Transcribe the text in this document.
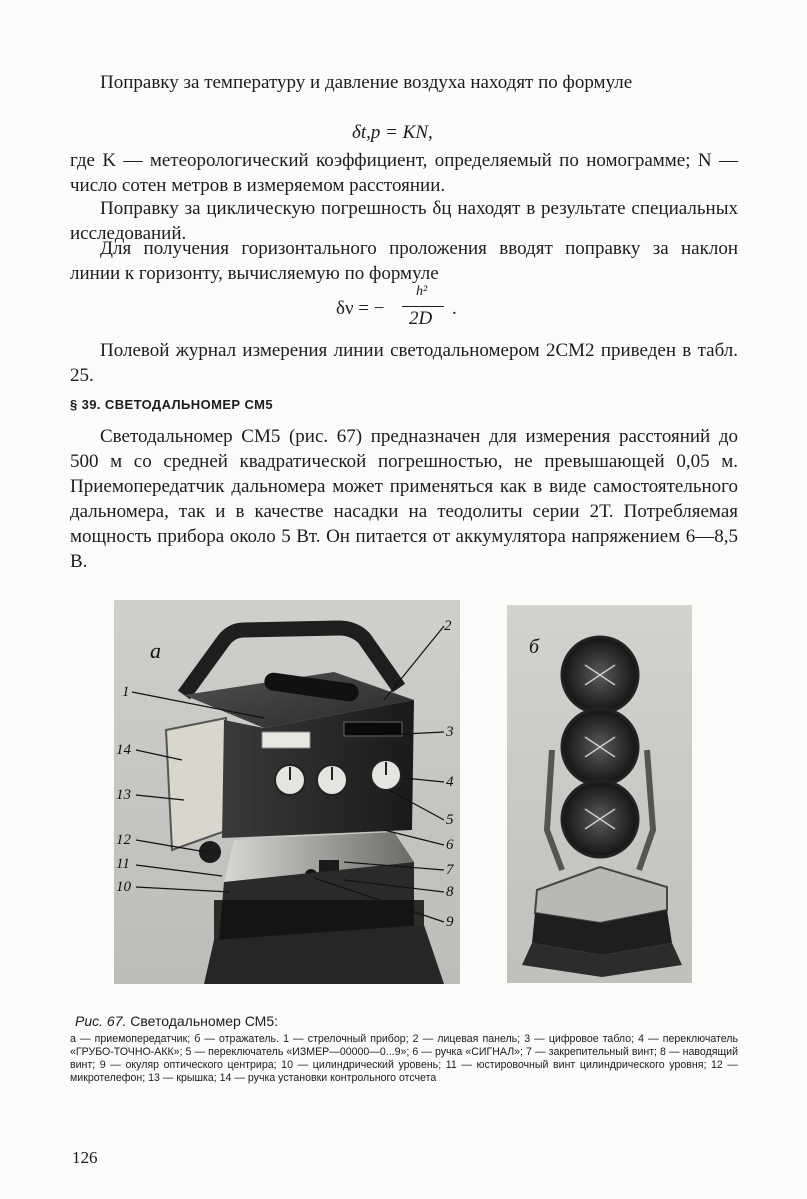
Поправку за температуру и давление воздуха находят по формуле
δt,p = KN,
где K — метеорологический коэффициент, определяемый по номограмме; N — число сотен метров в измеряемом расстоянии.
Поправку за циклическую погрешность δц находят в результате специальных исследований.
Для получения горизонтального проложения вводят поправку за наклон линии к горизонту, вычисляемую по формуле
δν = −
h²
2D .
Полевой журнал измерения линии светодальномером 2СМ2 приведен в табл. 25.
§ 39. СВЕТОДАЛЬНОМЕР СМ5
Светодальномер СМ5 (рис. 67) предназначен для измерения расстояний до 500 м со средней квадратической погрешностью, не превышающей 0,05 м. Приемопередатчик дальномера может применяться как в виде самостоятельного дальномера, так и в качестве насадки на теодолиты серии 2Т. Потребляемая мощность прибора около 5 Вт. Он питается от аккумулятора напряжением 6—8,5 В.
а
1
2
3
4
5
6
7
8
9
10
11
12
13
14
б
Рис. 67. Светодальномер СМ5:
а — приемопередатчик; б — отражатель. 1 — стрелочный прибор; 2 — лицевая панель; 3 — цифровое табло; 4 — переключатель «ГРУБО-ТОЧНО-АКК»; 5 — переключатель «ИЗМЕР—00000—0...9»; 6 — ручка «СИГНАЛ»; 7 — закрепительный винт; 8 — наводящий винт; 9 — окуляр оптического центрира; 10 — цилиндрический уровень; 11 — юстировочный винт цилиндрического уровня; 12 — микротелефон; 13 — крышка; 14 — ручка установки контрольного отсчета
126
